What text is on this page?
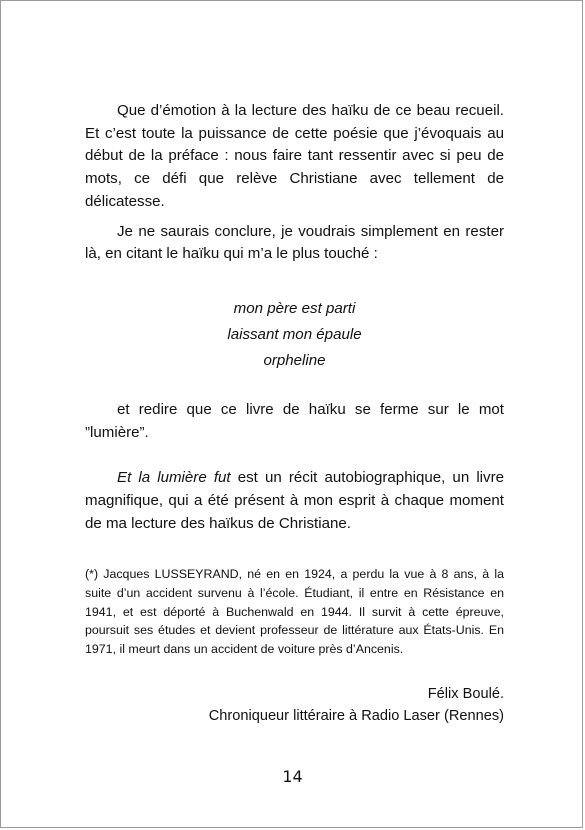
Que d’émotion à la lecture des haïku de ce beau recueil. Et c’est toute la puissance de cette poésie que j’évoquais au début de la préface : nous faire tant ressentir avec si peu de mots, ce défi que relève Christiane avec tellement de délicatesse.

Je ne saurais conclure, je voudrais simplement en rester là, en citant le haïku qui m’a le plus touché :

mon père est parti
laissant mon épaule
orpheline

et redire que ce livre de haïku se ferme sur le mot ”lumière”.

Et la lumière fut est un récit autobiographique, un livre magnifique, qui a été présent à mon esprit à chaque moment de ma lecture des haïkus de Christiane.

(*) Jacques LUSSEYRAND, né en en 1924, a perdu la vue à 8 ans, à la suite d’un accident survenu à l’école. Étudiant, il entre en Résistance en 1941, et est déporté à Buchenwald en 1944. Il survit à cette épreuve, poursuit ses études et devient professeur de littérature aux États-Unis. En 1971, il meurt dans un accident de voiture près d’Ancenis.

Félix Boulé.
Chroniqueur littéraire à Radio Laser (Rennes)
14
